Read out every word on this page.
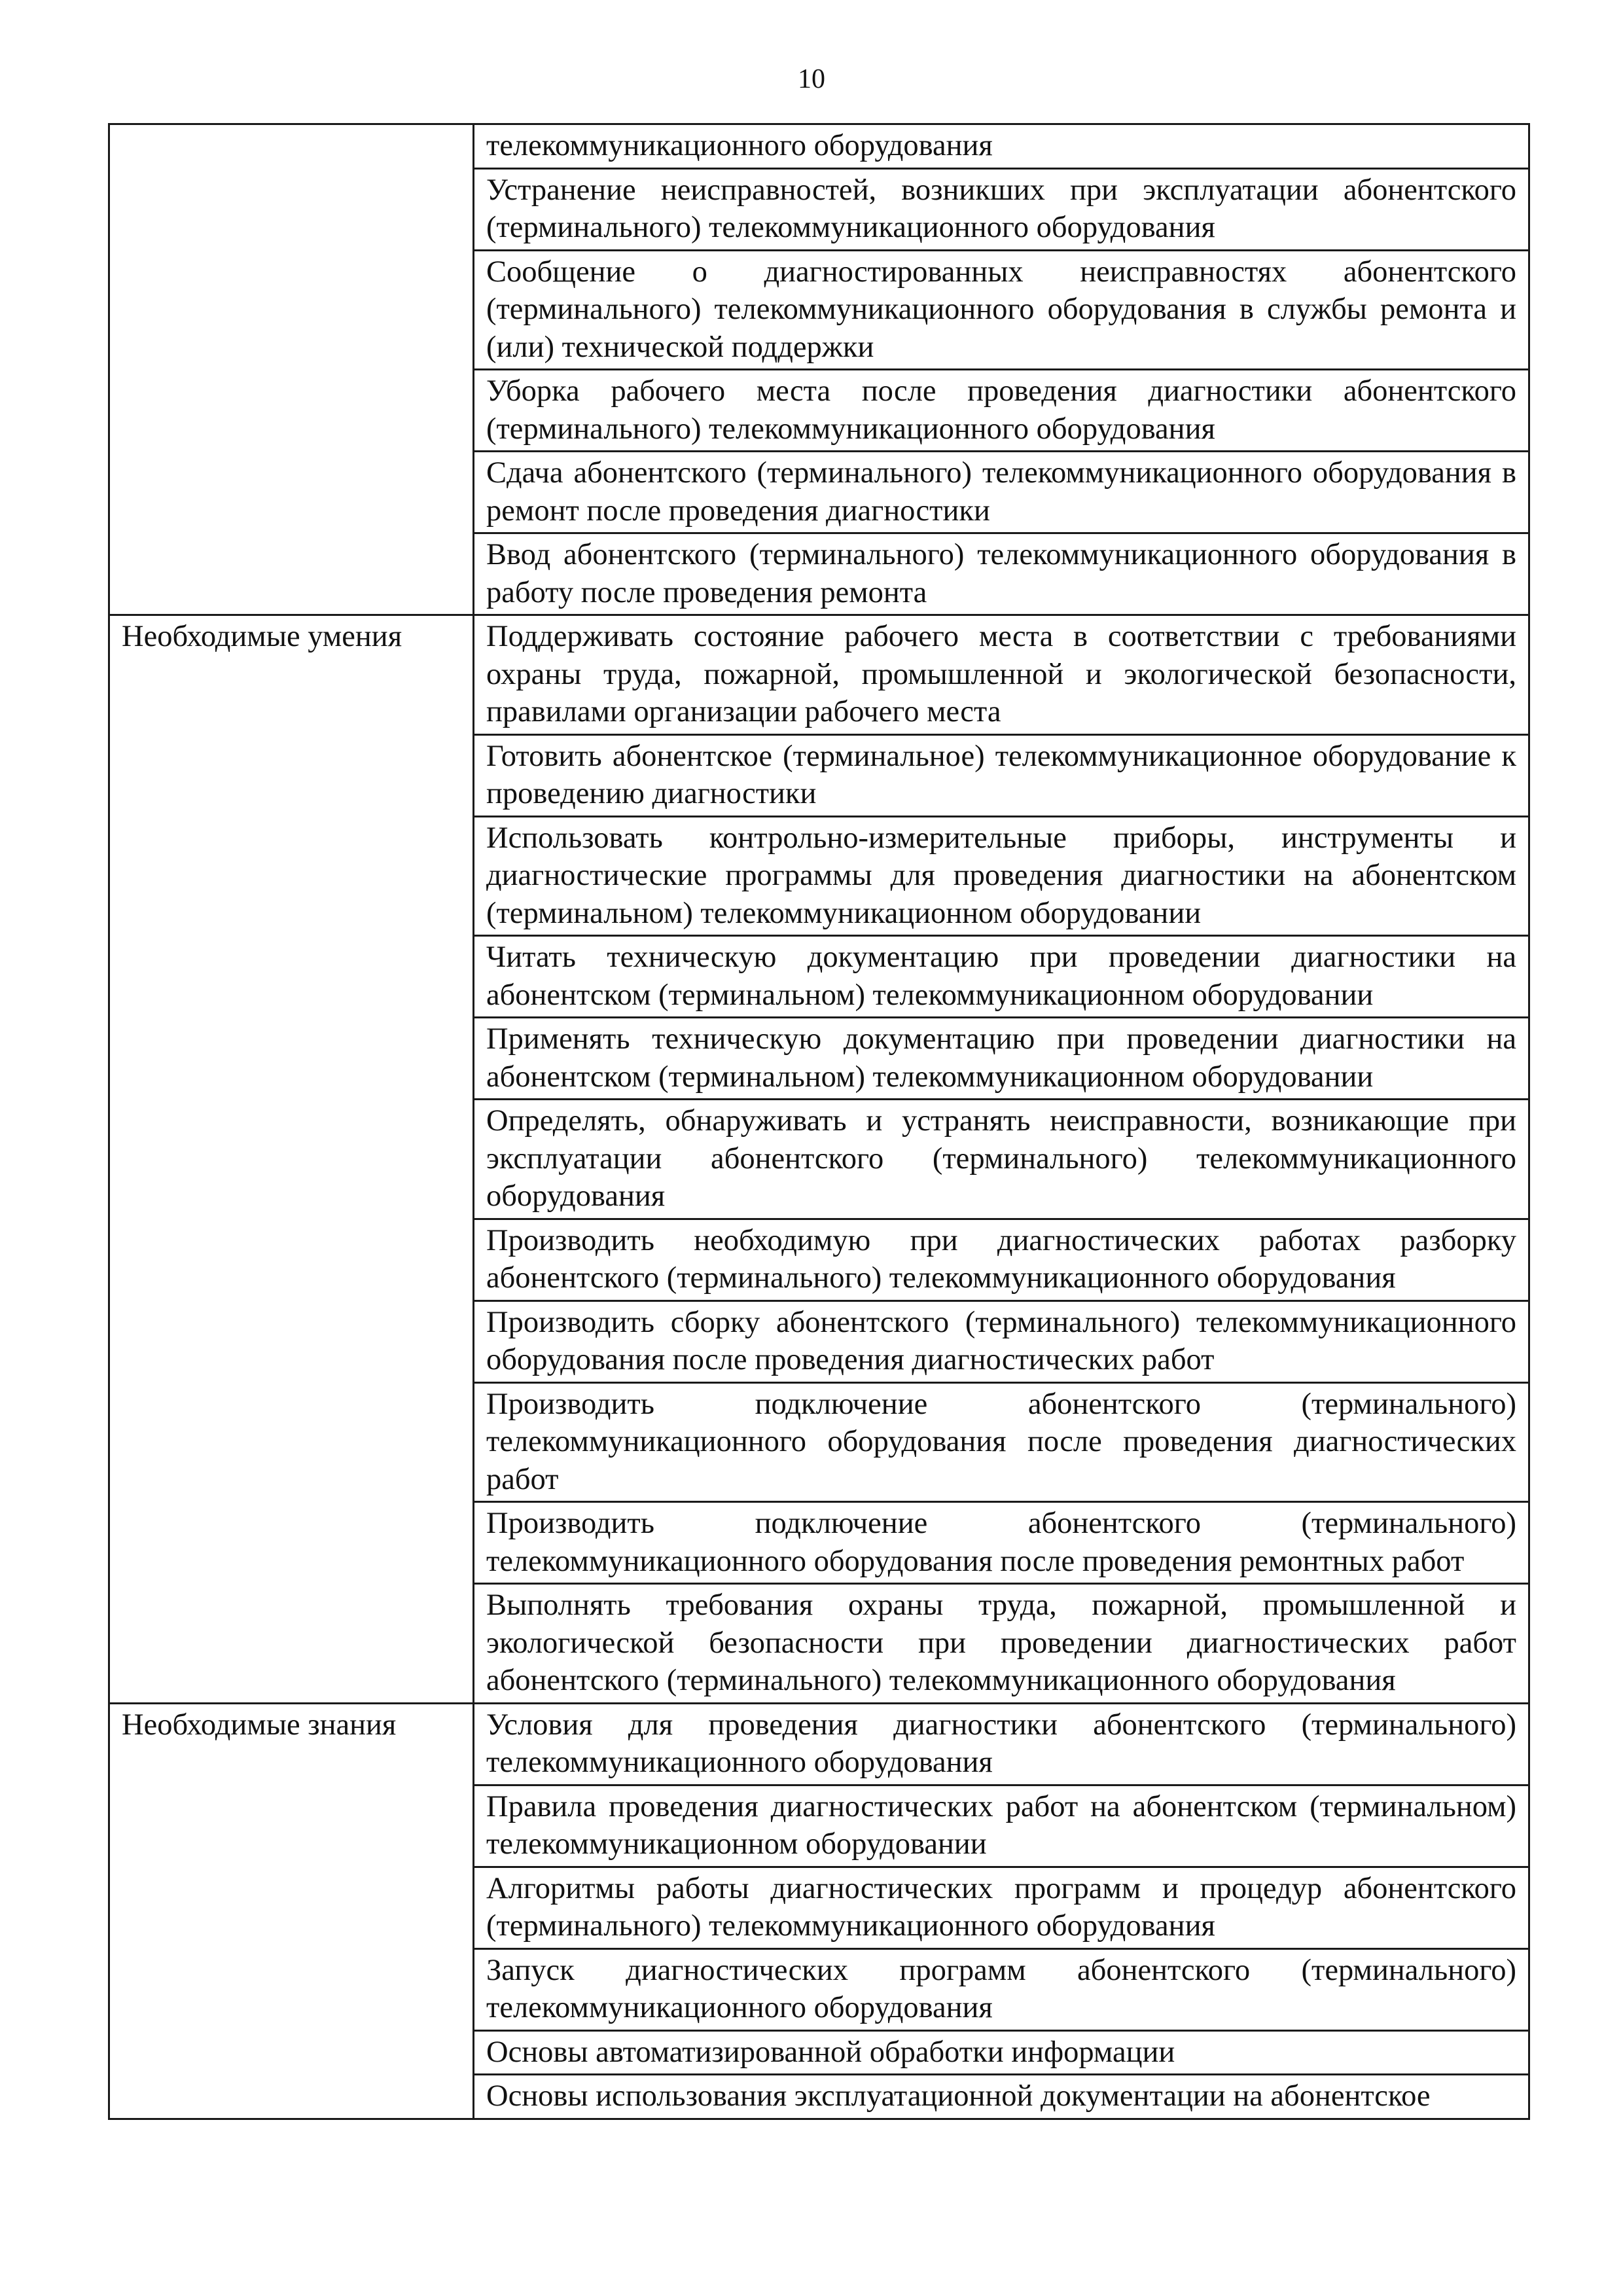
10
	телекоммуникационного оборудования
	Устранение неисправностей, возникших при эксплуатации абонентского (терминального) телекоммуникационного оборудования
	Сообщение о диагностированных неисправностях абонентского (терминального) телекоммуникационного оборудования в службы ремонта и (или) технической поддержки
	Уборка рабочего места после проведения диагностики абонентского (терминального) телекоммуникационного оборудования
	Сдача абонентского (терминального) телекоммуникационного оборудования в ремонт после проведения диагностики
	Ввод абонентского (терминального) телекоммуникационного оборудования в работу после проведения ремонта
Необходимые умения	Поддерживать состояние рабочего места в соответствии с требованиями охраны труда, пожарной, промышленной и экологической безопасности, правилами организации рабочего места
	Готовить абонентское (терминальное) телекоммуникационное оборудование к проведению диагностики
	Использовать контрольно-измерительные приборы, инструменты и диагностические программы для проведения диагностики на абонентском (терминальном) телекоммуникационном оборудовании
	Читать техническую документацию при проведении диагностики на абонентском (терминальном) телекоммуникационном оборудовании
	Применять техническую документацию при проведении диагностики на абонентском (терминальном) телекоммуникационном оборудовании
	Определять, обнаруживать и устранять неисправности, возникающие при эксплуатации абонентского (терминального) телекоммуникационного оборудования
	Производить необходимую при диагностических работах разборку абонентского (терминального) телекоммуникационного оборудования
	Производить сборку абонентского (терминального) телекоммуникационного оборудования после проведения диагностических работ
	Производить подключение абонентского (терминального) телекоммуникационного оборудования после проведения диагностических работ
	Производить подключение абонентского (терминального) телекоммуникационного оборудования после проведения ремонтных работ
	Выполнять требования охраны труда, пожарной, промышленной и экологической безопасности при проведении диагностических работ абонентского (терминального) телекоммуникационного оборудования
Необходимые знания	Условия для проведения диагностики абонентского (терминального) телекоммуникационного оборудования
	Правила проведения диагностических работ на абонентском (терминальном) телекоммуникационном оборудовании
	Алгоритмы работы диагностических программ и процедур абонентского (терминального) телекоммуникационного оборудования
	Запуск диагностических программ абонентского (терминального) телекоммуникационного оборудования
	Основы автоматизированной обработки информации
	Основы использования эксплуатационной документации на абонентское
